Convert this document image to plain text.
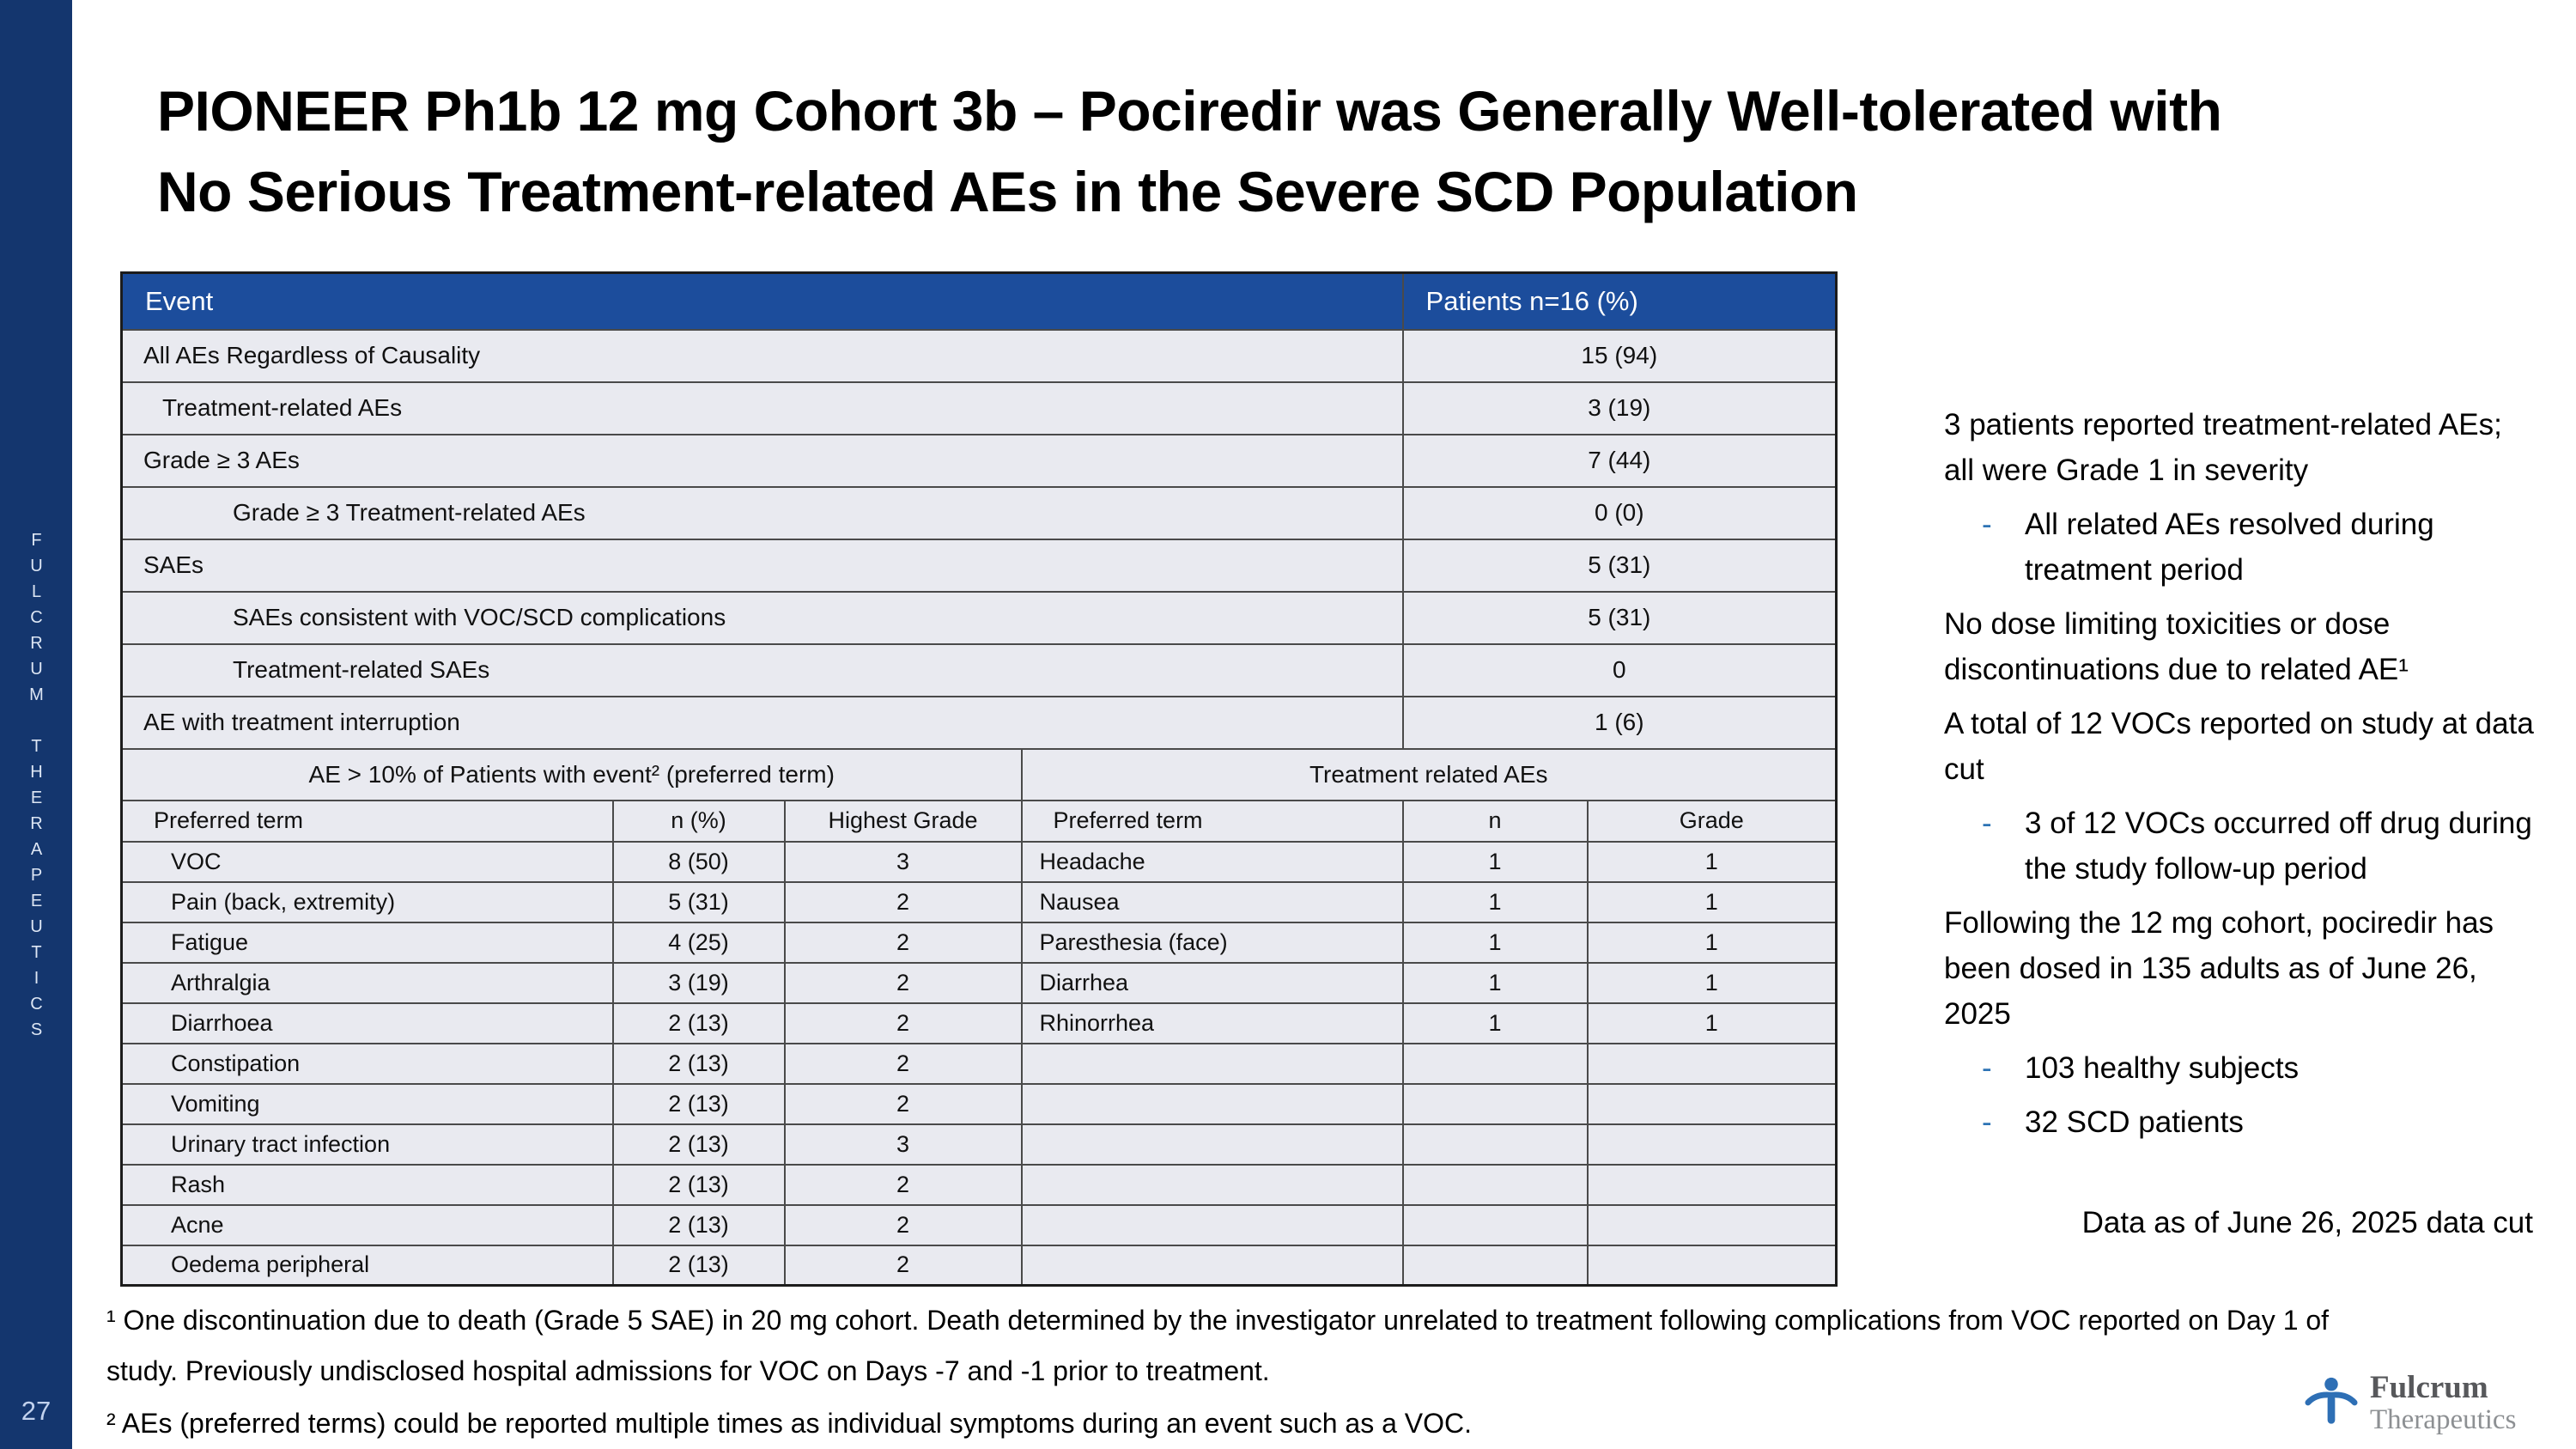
FULCRUM THERAPEUTICS
27
PIONEER Ph1b 12 mg Cohort 3b – Pociredir was Generally Well-tolerated with
No Serious Treatment-related AEs in the Severe SCD Population
Event				Patients n=16 (%)	
All AEs Regardless of Causality				15 (94)	
Treatment-related AEs				3 (19)	
Grade ≥ 3 AEs				7 (44)	
Grade ≥ 3 Treatment-related AEs				0 (0)	
SAEs				5 (31)	
SAEs consistent with VOC/SCD complications				5 (31)	
Treatment-related SAEs				0	
AE with treatment interruption				1 (6)	
AE > 10% of Patients with event² (preferred term)			Treatment related AEs		
Preferred term	n (%)	Highest Grade	Preferred term	n	Grade
VOC	8 (50)	3	Headache	1	1
Pain (back, extremity)	5 (31)	2	Nausea	1	1
Fatigue	4 (25)	2	Paresthesia (face)	1	1
Arthralgia	3 (19)	2	Diarrhea	1	1
Diarrhoea	2 (13)	2	Rhinorrhea	1	1
Constipation	2 (13)	2			
Vomiting	2 (13)	2			
Urinary tract infection	2 (13)	3			
Rash	2 (13)	2			
Acne	2 (13)	2			
Oedema peripheral	2 (13)	2			
3 patients reported treatment-related AEs; all were Grade 1 in severity
-	All related AEs resolved during treatment period
No dose limiting toxicities or dose discontinuations due to related AE¹
A total of 12 VOCs reported on study at data cut
-	3 of 12 VOCs occurred off drug during the study follow-up period
Following the 12 mg cohort, pociredir has been dosed in 135 adults as of June 26, 2025
-	103 healthy subjects
-	32 SCD patients
Data as of June 26, 2025 data cut

¹ One discontinuation due to death (Grade 5 SAE) in 20 mg cohort. Death determined by the investigator unrelated to treatment following complications from VOC reported on Day 1 of study. Previously undisclosed hospital admissions for VOC on Days -7 and -1 prior to treatment.

² AEs (preferred terms) could be reported multiple times as individual symptoms during an event such as a VOC.

Fulcrum
Therapeutics
